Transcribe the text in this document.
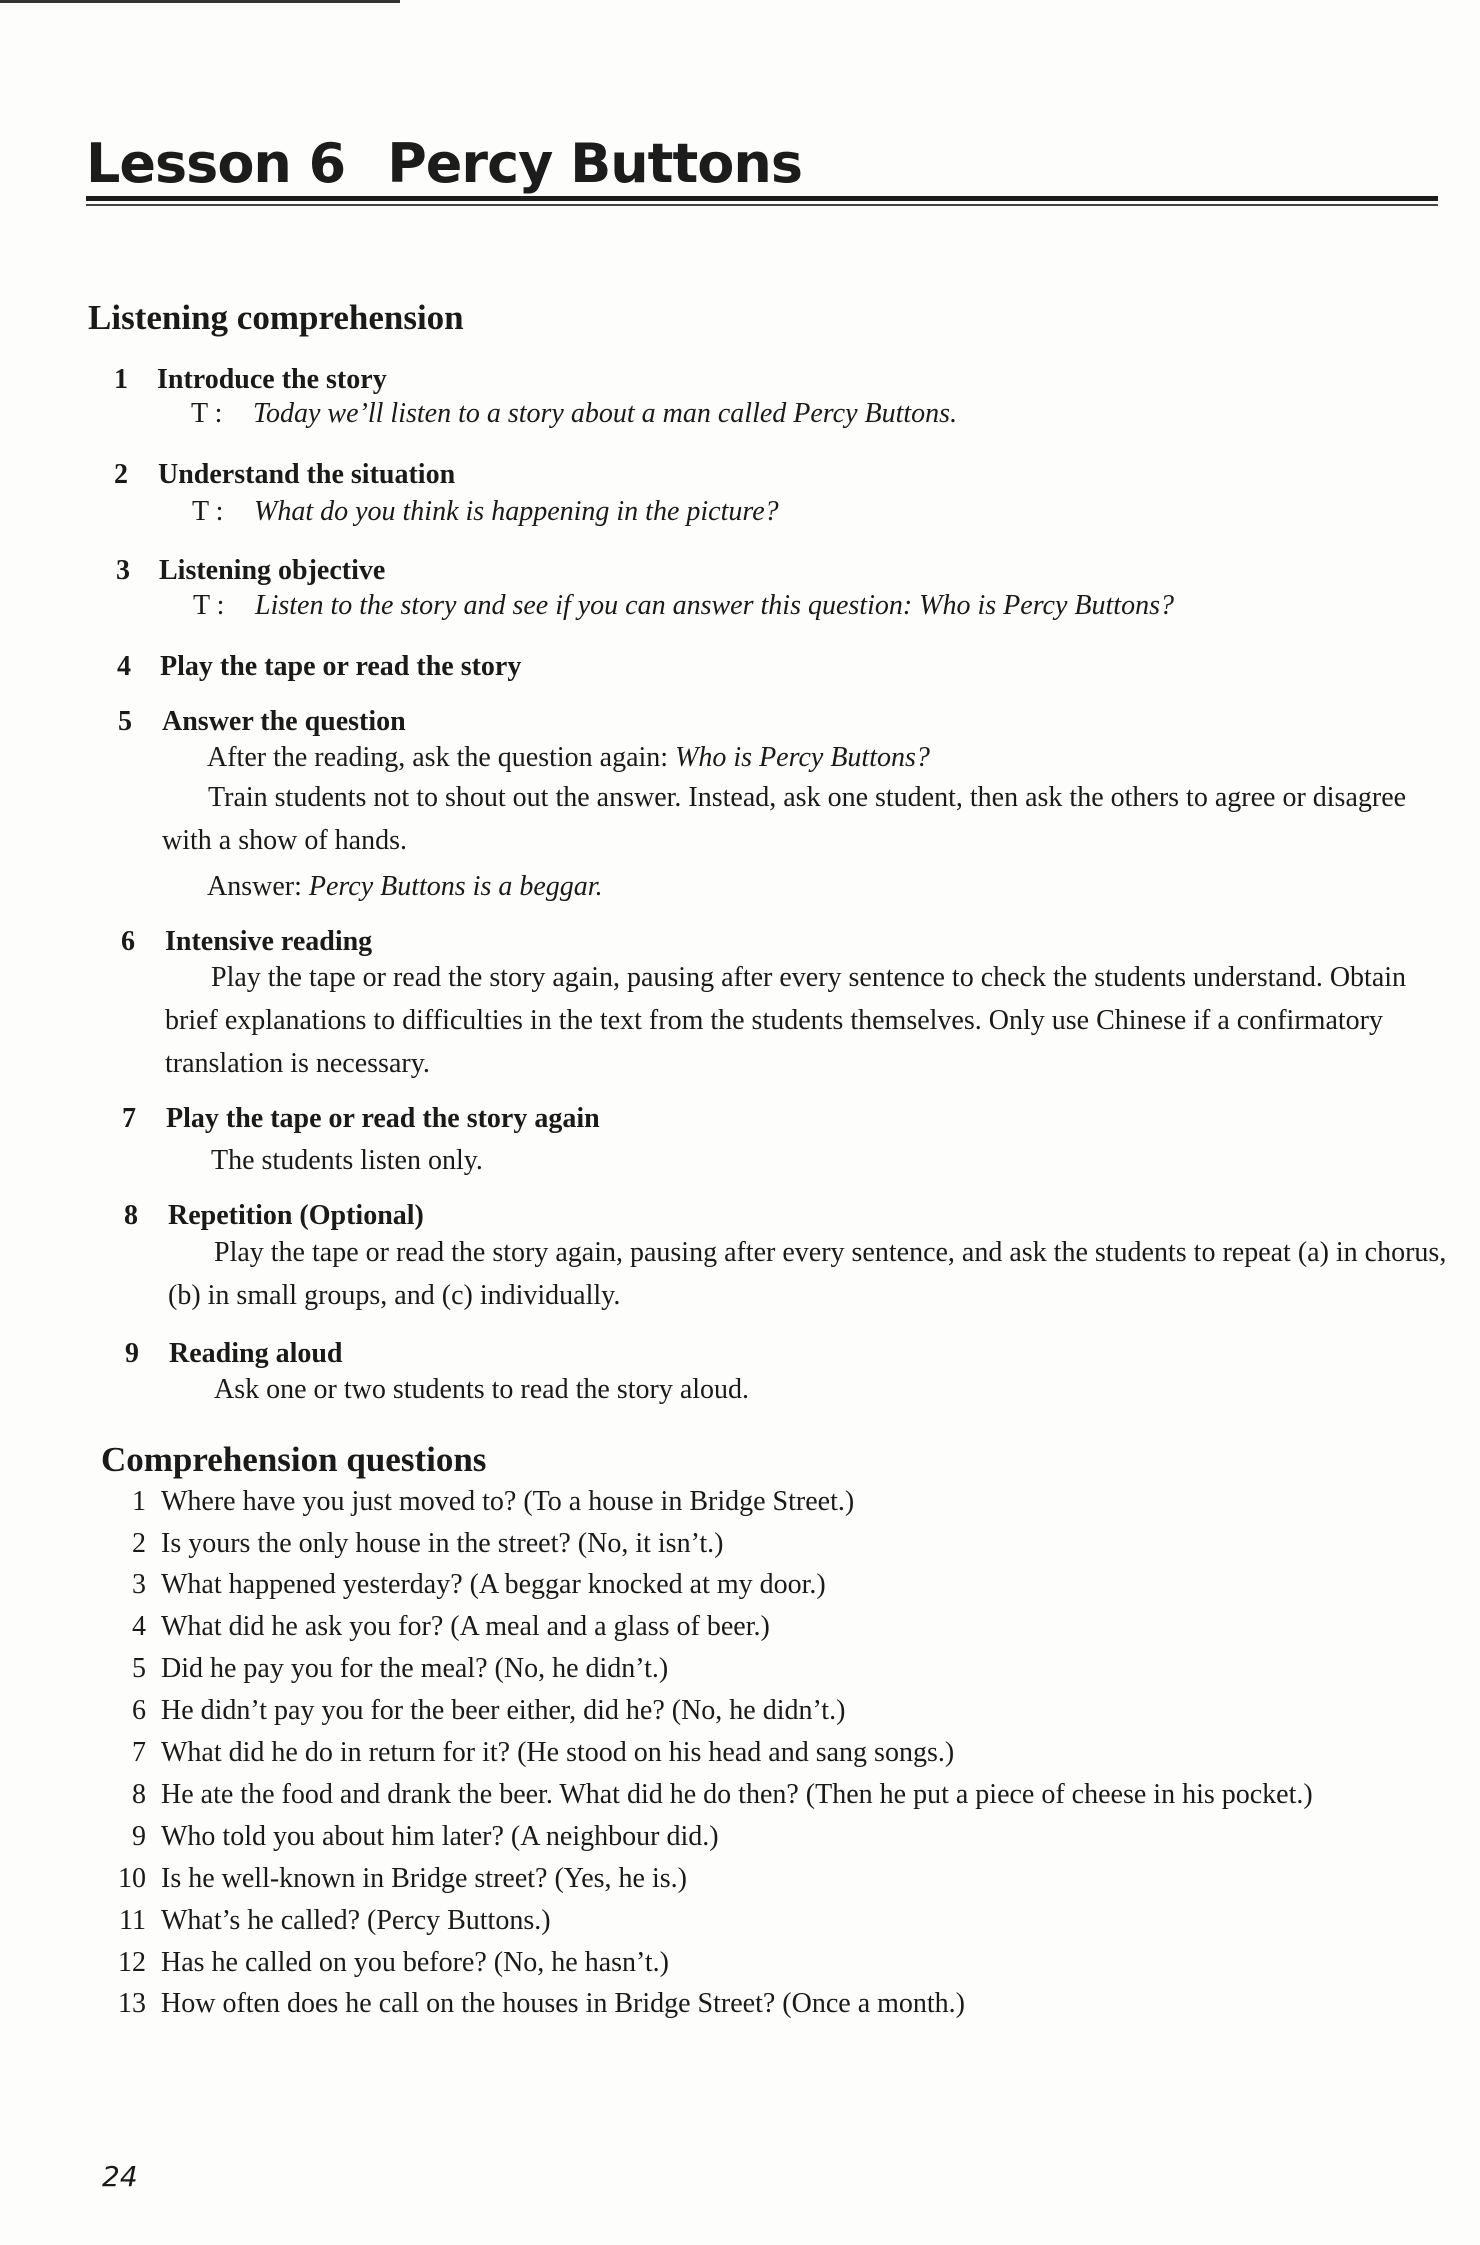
Lesson 6 Percy Buttons
Listening comprehension
1 Introduce the story
T : Today we’ll listen to a story about a man called Percy Buttons.
2 Understand the situation
T : What do you think is happening in the picture?
3 Listening objective
T : Listen to the story and see if you can answer this question: Who is Percy Buttons?
4 Play the tape or read the story
5 Answer the question
After the reading, ask the question again: Who is Percy Buttons?
Train students not to shout out the answer. Instead, ask one student, then ask the others to agree or disagree with a show of hands.
Answer: Percy Buttons is a beggar.
6 Intensive reading
Play the tape or read the story again, pausing after every sentence to check the students understand. Obtain brief explanations to difficulties in the text from the students themselves. Only use Chinese if a confirmatory translation is necessary.
7 Play the tape or read the story again
The students listen only.
8 Repetition (Optional)
Play the tape or read the story again, pausing after every sentence, and ask the students to repeat (a) in chorus, (b) in small groups, and (c) individually.
9 Reading aloud
Ask one or two students to read the story aloud.
Comprehension questions
1 Where have you just moved to? (To a house in Bridge Street.)
2 Is yours the only house in the street? (No, it isn’t.)
3 What happened yesterday? (A beggar knocked at my door.)
4 What did he ask you for? (A meal and a glass of beer.)
5 Did he pay you for the meal? (No, he didn’t.)
6 He didn’t pay you for the beer either, did he? (No, he didn’t.)
7 What did he do in return for it? (He stood on his head and sang songs.)
8 He ate the food and drank the beer. What did he do then? (Then he put a piece of cheese in his pocket.)
9 Who told you about him later? (A neighbour did.)
10 Is he well-known in Bridge street? (Yes, he is.)
11 What’s he called? (Percy Buttons.)
12 Has he called on you before? (No, he hasn’t.)
13 How often does he call on the houses in Bridge Street? (Once a month.)
24
